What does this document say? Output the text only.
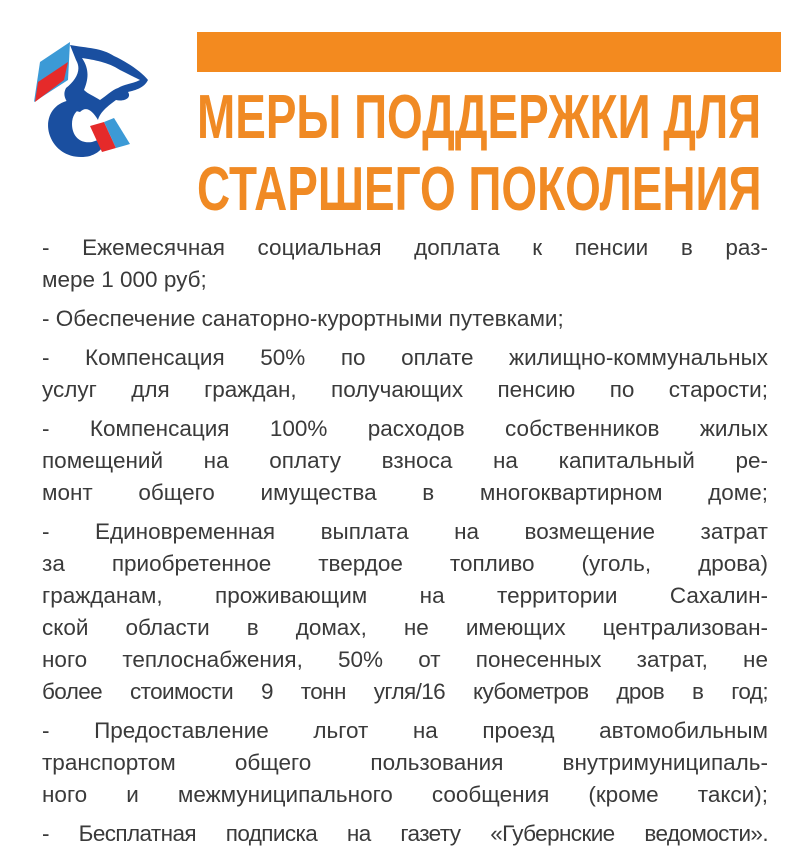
МЕРЫ ПОДДЕРЖКИ ДЛЯ
СТАРШЕГО ПОКОЛЕНИЯ
- Ежемесячная социальная доплата к пенсии в раз-
мере 1 000 руб;
- Обеспечение санаторно-курортными путевками;
- Компенсация 50% по оплате жилищно-коммунальных
услуг для граждан, получающих пенсию по старости;
- Компенсация 100% расходов собственников жилых
помещений на оплату взноса на капитальный ре-
монт общего имущества в многоквартирном доме;
- Единовременная выплата на возмещение затрат
за приобретенное твердое топливо (уголь, дрова)
гражданам, проживающим на территории Сахалин-
ской области в домах, не имеющих централизован-
ного теплоснабжения, 50% от понесенных затрат, не
более стоимости 9 тонн угля/16 кубометров дров в год;
- Предоставление льгот на проезд автомобильным
транспортом общего пользования внутримуниципаль-
ного и межмуниципального сообщения (кроме такси);
- Бесплатная подписка на газету «Губернские ведомости».
